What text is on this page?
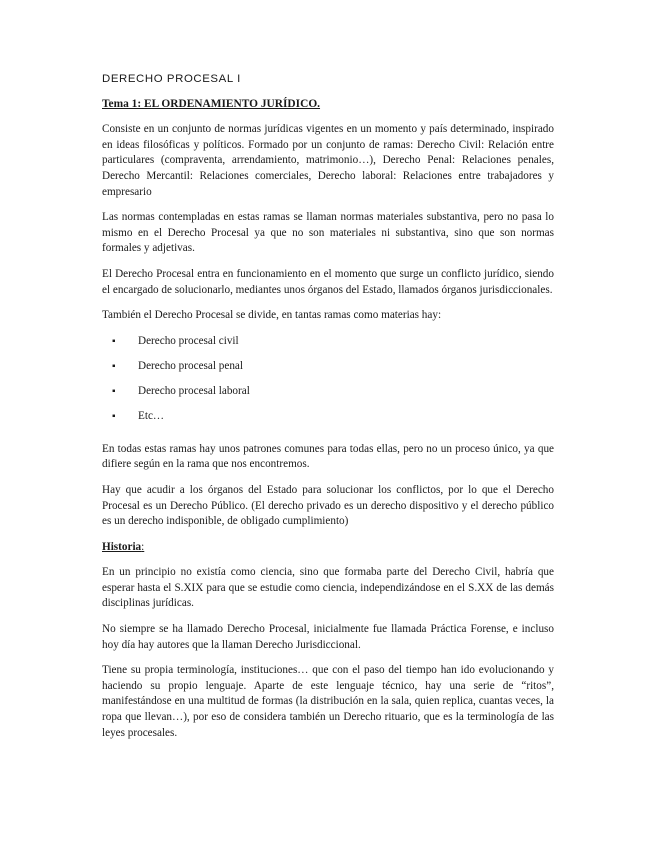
DERECHO PROCESAL I
Tema 1: EL ORDENAMIENTO JURÍDICO.

Consiste en un conjunto de normas jurídicas vigentes en un momento y país determinado, inspirado en ideas filosóficas y políticos. Formado por un conjunto de ramas: Derecho Civil: Relación entre particulares (compraventa, arrendamiento, matrimonio…), Derecho Penal: Relaciones penales, Derecho Mercantil: Relaciones comerciales, Derecho laboral: Relaciones entre trabajadores y empresario

Las normas contempladas en estas ramas se llaman normas materiales substantiva, pero no pasa lo mismo en el Derecho Procesal ya que no son materiales ni substantiva, sino que son normas formales y adjetivas.

El Derecho Procesal entra en funcionamiento en el momento que surge un conflicto jurídico, siendo el encargado de solucionarlo, mediantes unos órganos del Estado, llamados órganos jurisdiccionales.

También el Derecho Procesal se divide, en tantas ramas como materias hay:

▪ Derecho procesal civil
▪ Derecho procesal penal
▪ Derecho procesal laboral
▪ Etc…

En todas estas ramas hay unos patrones comunes para todas ellas, pero no un proceso único, ya que difiere según en la rama que nos encontremos.

Hay que acudir a los órganos del Estado para solucionar los conflictos, por lo que el Derecho Procesal es un Derecho Público. (El derecho privado es un derecho dispositivo y el derecho público es un derecho indisponible, de obligado cumplimiento)

Historia:

En un principio no existía como ciencia, sino que formaba parte del Derecho Civil, habría que esperar hasta el S.XIX para que se estudie como ciencia, independizándose en el S.XX de las demás disciplinas jurídicas.

No siempre se ha llamado Derecho Procesal, inicialmente fue llamada Práctica Forense, e incluso hoy día hay autores que la llaman Derecho Jurisdiccional.

Tiene su propia terminología, instituciones… que con el paso del tiempo han ido evolucionando y haciendo su propio lenguaje. Aparte de este lenguaje técnico, hay una serie de “ritos”, manifestándose en una multitud de formas (la distribución en la sala, quien replica, cuantas veces, la ropa que llevan…), por eso de considera también un Derecho rituario, que es la terminología de las leyes procesales.
